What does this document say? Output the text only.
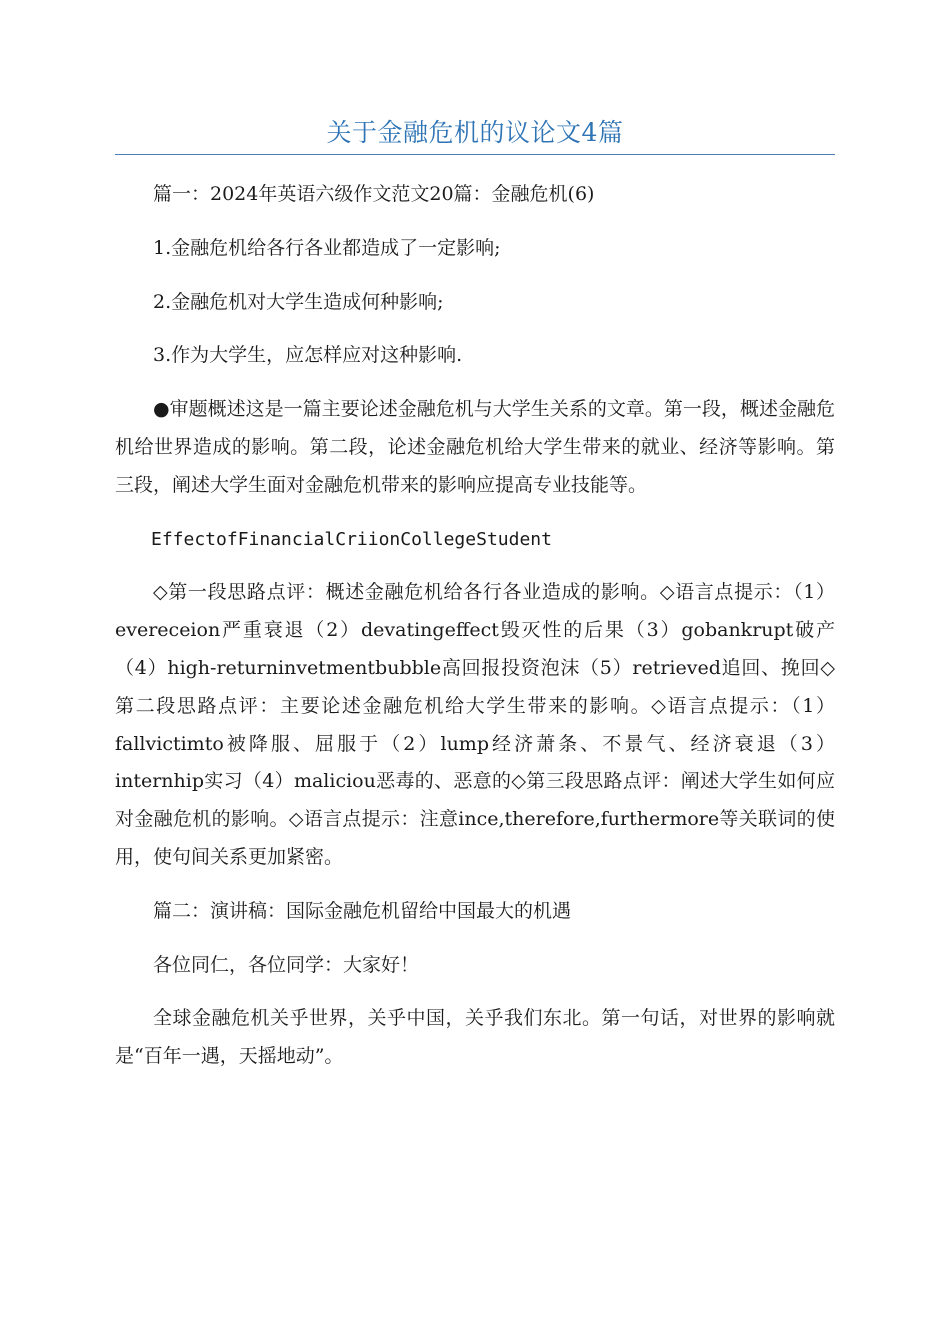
关于金融危机的议论文4篇

篇一：2024年英语六级作文范文20篇：金融危机(6)

1.金融危机给各行各业都造成了一定影响;

2.金融危机对大学生造成何种影响;

3.作为大学生，应怎样应对这种影响.

●审题概述这是一篇主要论述金融危机与大学生关系的文章。第一段，概述金融危机给世界造成的影响。第二段，论述金融危机给大学生带来的就业、经济等影响。第三段，阐述大学生面对金融危机带来的影响应提高专业技能等。

EffectofFinancialCriionCollegeStudent

◇第一段思路点评：概述金融危机给各行各业造成的影响。◇语言点提示：（1）evereceion严重衰退（2）devatingeffect毁灭性的后果（3）gobankrupt破产（4）high-returninvetmentbubble高回报投资泡沫（5）retrieved追回、挽回◇第二段思路点评：主要论述金融危机给大学生带来的影响。◇语言点提示：（1）fallvictimto被降服、屈服于（2）lump经济萧条、不景气、经济衰退（3）internhip实习（4）maliciou恶毒的、恶意的◇第三段思路点评：阐述大学生如何应对金融危机的影响。◇语言点提示：注意ince,therefore,furthermore等关联词的使用，使句间关系更加紧密。

篇二：演讲稿：国际金融危机留给中国最大的机遇

各位同仁，各位同学：大家好！

全球金融危机关乎世界，关乎中国，关乎我们东北。第一句话，对世界的影响就是“百年一遇，天摇地动”。
